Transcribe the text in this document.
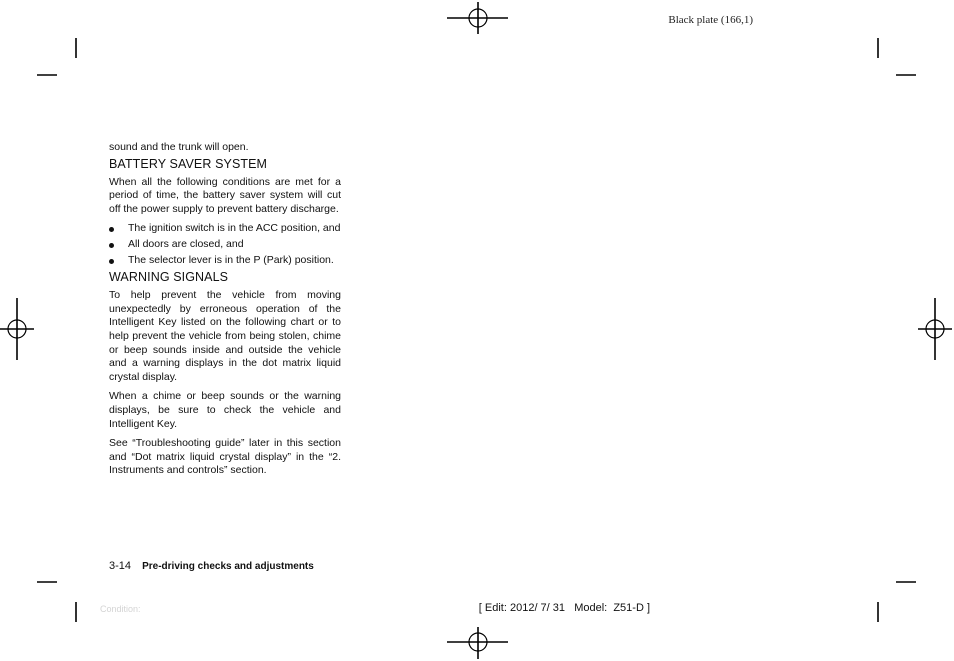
Black plate (166,1)

sound and the trunk will open.

BATTERY SAVER SYSTEM

When all the following conditions are met for a period of time, the battery saver system will cut off the power supply to prevent battery discharge.

The ignition switch is in the ACC position, and
All doors are closed, and
The selector lever is in the P (Park) position.
WARNING SIGNALS

To help prevent the vehicle from moving unexpectedly by erroneous operation of the Intelligent Key listed on the following chart or to help prevent the vehicle from being stolen, chime or beep sounds inside and outside the vehicle and a warning displays in the dot matrix liquid crystal display.

When a chime or beep sounds or the warning displays, be sure to check the vehicle and Intelligent Key.

See “Troubleshooting guide” later in this section and “Dot matrix liquid crystal display” in the “2. Instruments and controls” section.

3-14 Pre-driving checks and adjustments
Condition:	[ Edit: 2012/ 7/ 31   Model:  Z51-D ]
